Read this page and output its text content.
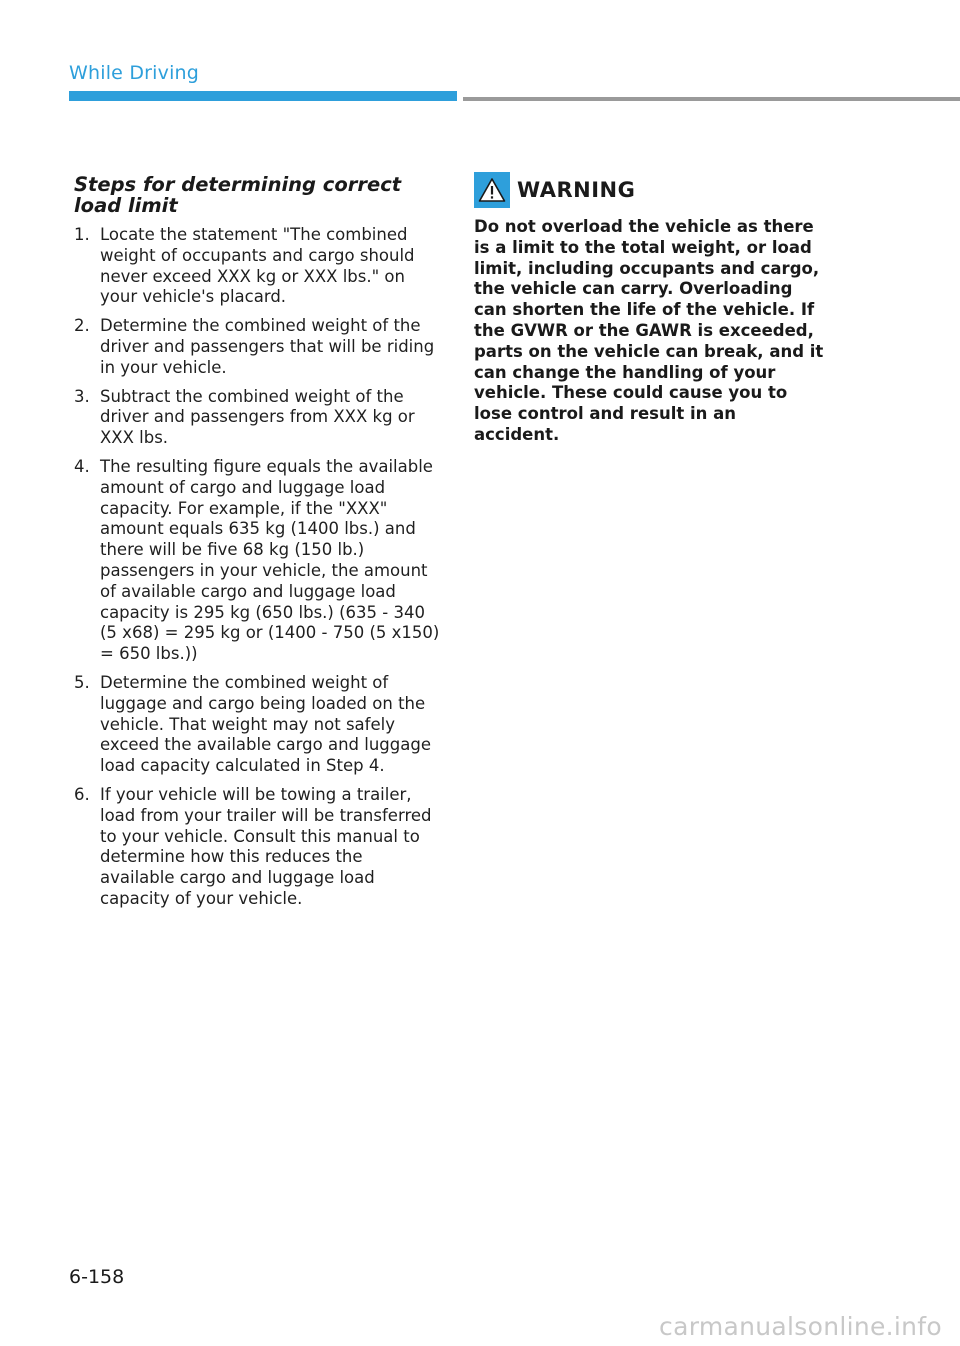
While Driving
Steps for determining correct load limit
1. Locate the statement "The combined weight of occupants and cargo should never exceed XXX kg or XXX lbs." on your vehicle's placard.
2. Determine the combined weight of the driver and passengers that will be riding in your vehicle.
3. Subtract the combined weight of the driver and passengers from XXX kg or XXX lbs.
4. The resulting figure equals the available amount of cargo and luggage load capacity. For example, if the "XXX" amount equals 635 kg (1400 lbs.) and there will be five 68 kg (150 lb.) passengers in your vehicle, the amount of available cargo and luggage load capacity is 295 kg (650 lbs.) (635 - 340 (5 x68) = 295 kg or (1400 - 750 (5 x150) = 650 lbs.))
5. Determine the combined weight of luggage and cargo being loaded on the vehicle. That weight may not safely exceed the available cargo and luggage load capacity calculated in Step 4.
6. If your vehicle will be towing a trailer, load from your trailer will be transferred to your vehicle. Consult this manual to determine how this reduces the available cargo and luggage load capacity of your vehicle.
WARNING

Do not overload the vehicle as there is a limit to the total weight, or load limit, including occupants and cargo, the vehicle can carry. Overloading can shorten the life of the vehicle. If the GVWR or the GAWR is exceeded, parts on the vehicle can break, and it can change the handling of your vehicle. These could cause you to lose control and result in an accident.

6-158
carmanualsonline.info
